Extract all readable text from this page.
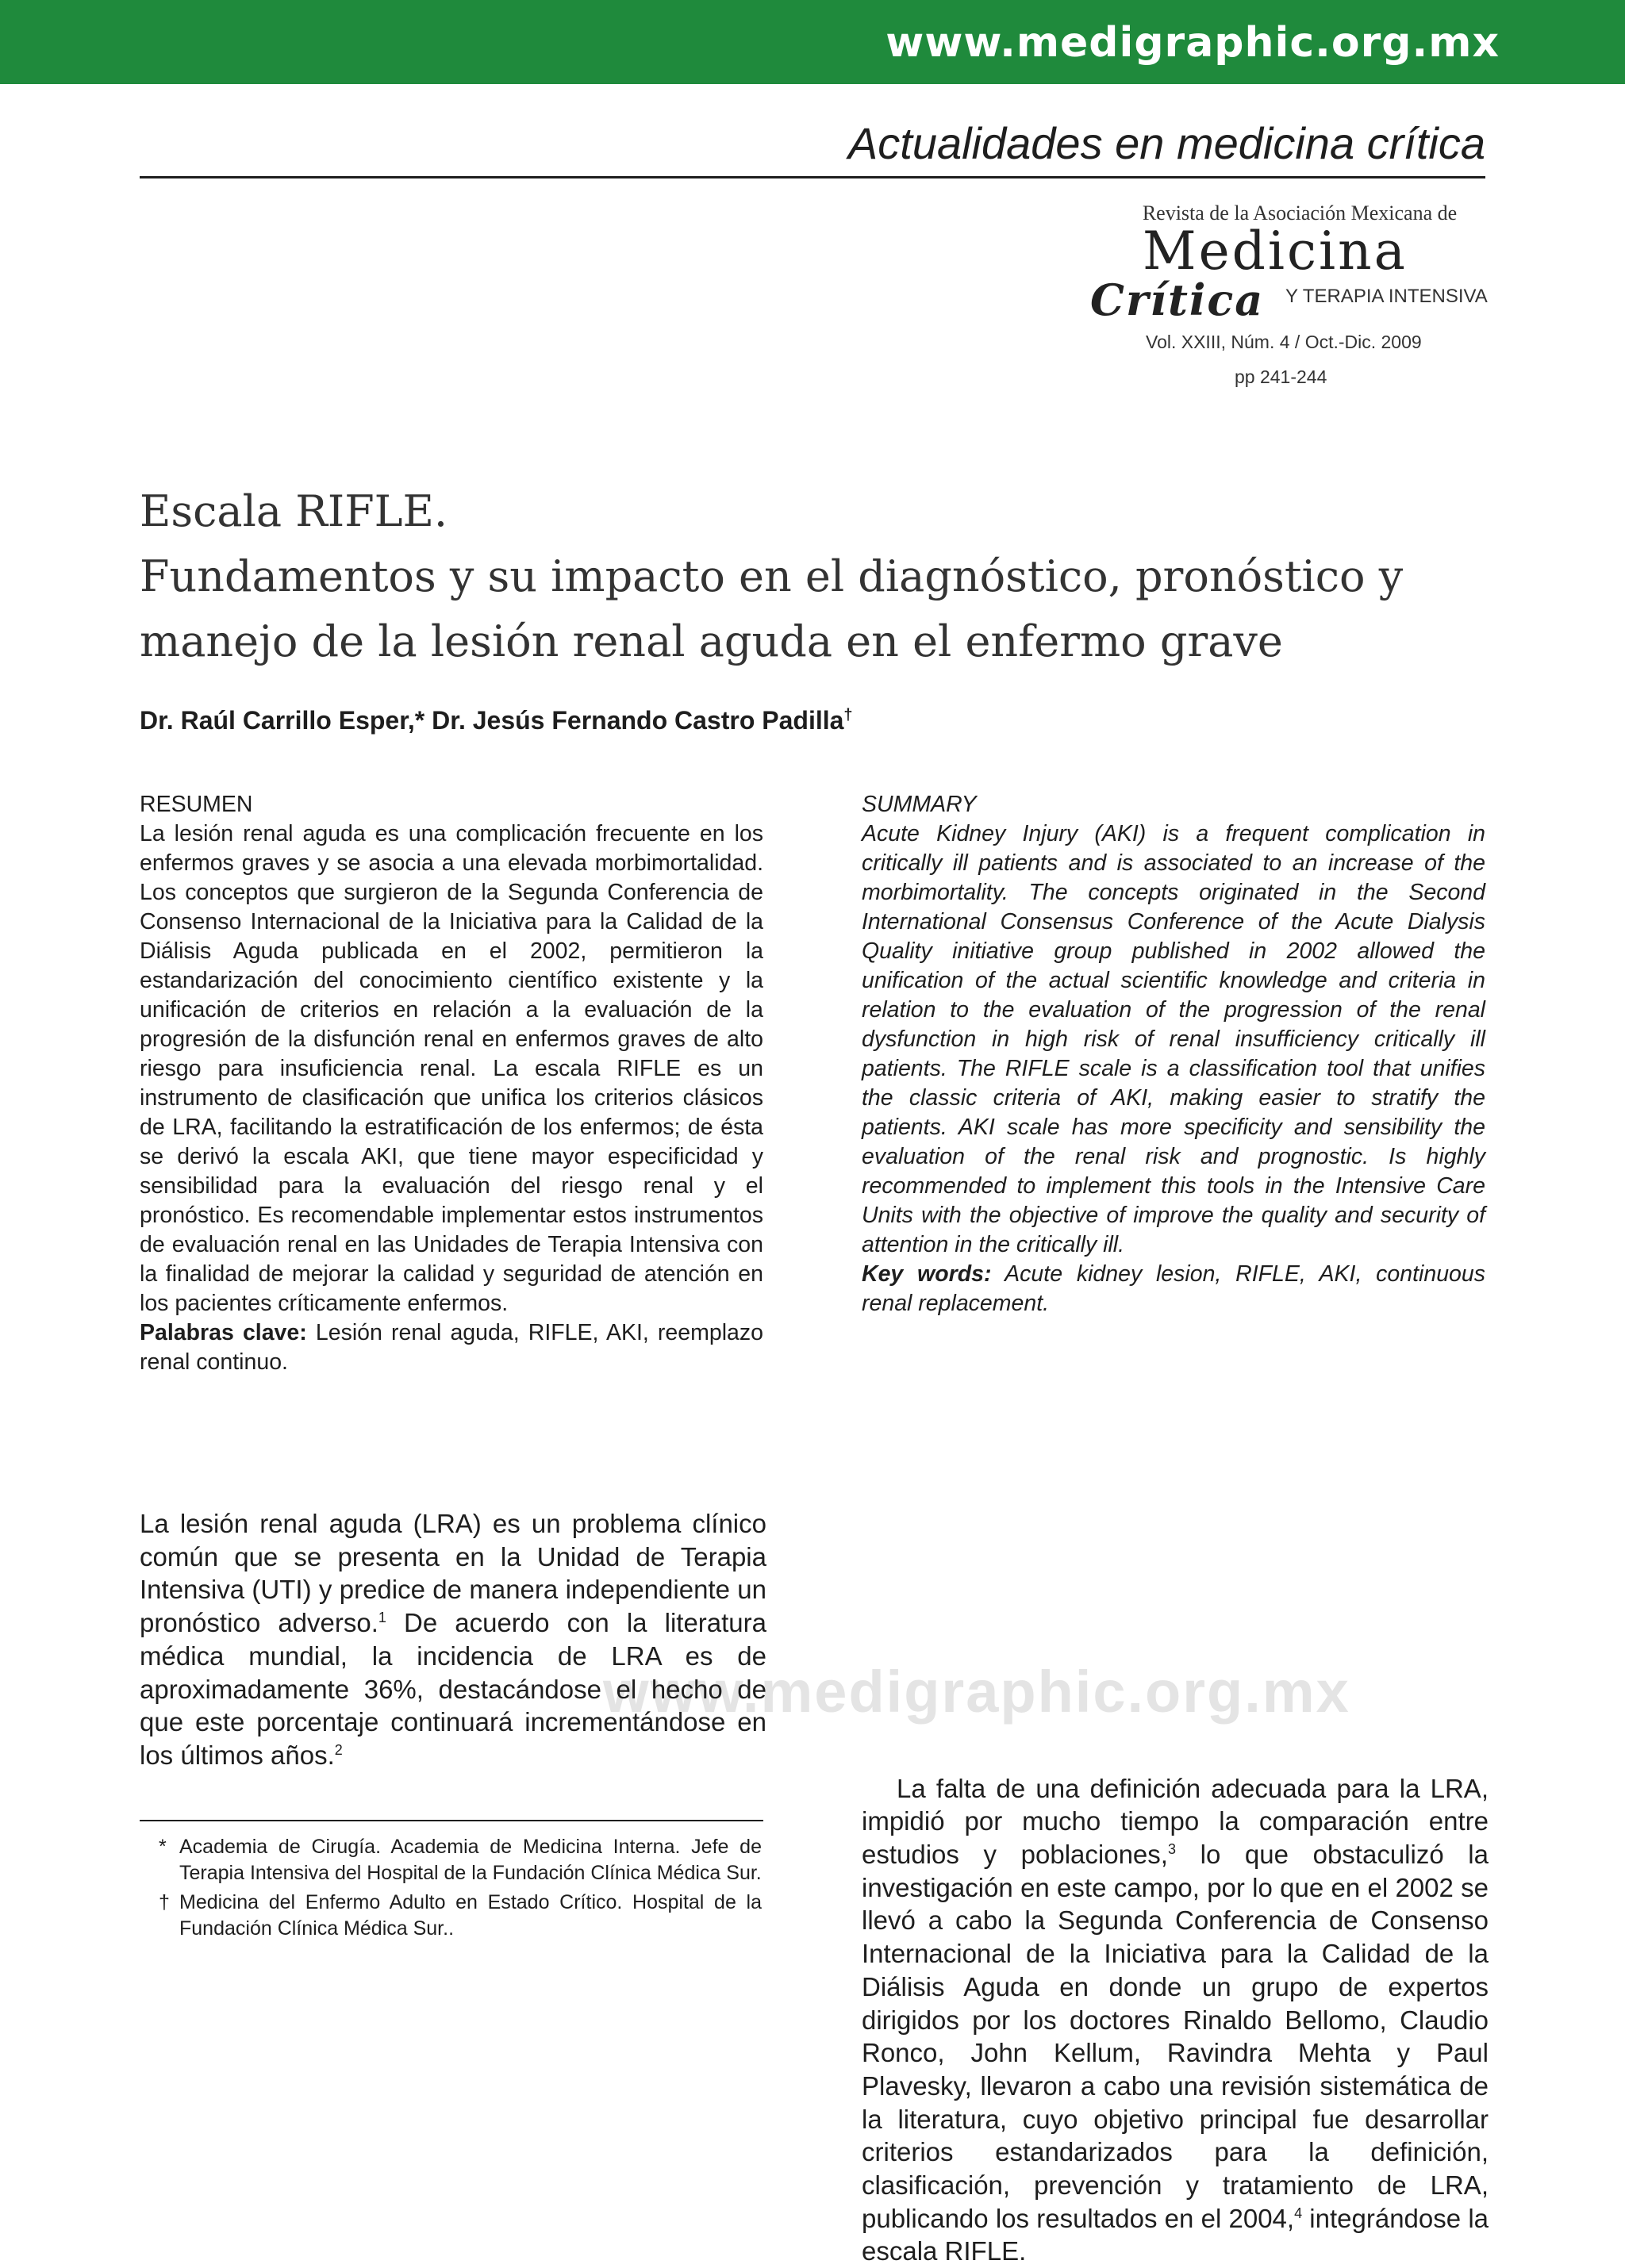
www.medigraphic.org.mx
Actualidades en medicina crítica
Revista de la Asociación Mexicana de
Medicina
Crítica Y TERAPIA INTENSIVA
Vol. XXIII, Núm. 4 / Oct.-Dic. 2009
pp 241-244
Escala RIFLE.
Fundamentos y su impacto en el diagnóstico, pronóstico y
manejo de la lesión renal aguda en el enfermo grave
Dr. Raúl Carrillo Esper,* Dr. Jesús Fernando Castro Padilla†
RESUMEN

La lesión renal aguda es una complicación frecuente en los enfermos graves y se asocia a una elevada morbimortalidad. Los conceptos que surgieron de la Segunda Conferencia de Consenso Internacional de la Iniciativa para la Calidad de la Diálisis Aguda publicada en el 2002, permitieron la estandarización del conocimiento científico existente y la unificación de criterios en relación a la evaluación de la progresión de la disfunción renal en enfermos graves de alto riesgo para insuficiencia renal. La escala RIFLE es un instrumento de clasificación que unifica los criterios clásicos de LRA, facilitando la estratificación de los enfermos; de ésta se derivó la escala AKI, que tiene mayor especificidad y sensibilidad para la evaluación del riesgo renal y el pronóstico. Es recomendable implementar estos instrumentos de evaluación renal en las Unidades de Terapia Intensiva con la finalidad de mejorar la calidad y seguridad de atención en los pacientes críticamente enfermos.

Palabras clave: Lesión renal aguda, RIFLE, AKI, reemplazo renal continuo.

SUMMARY

Acute Kidney Injury (AKI) is a frequent complication in critically ill patients and is associated to an increase of the morbimortality. The concepts originated in the Second International Consensus Conference of the Acute Dialysis Quality initiative group published in 2002 allowed the unification of the actual scientific knowledge and criteria in relation to the evaluation of the progression of the renal dysfunction in high risk of renal insufficiency critically ill patients. The RIFLE scale is a classification tool that unifies the classic criteria of AKI, making easier to stratify the patients. AKI scale has more specificity and sensibility the evaluation of the renal risk and prognostic. Is highly recommended to implement this tools in the Intensive Care Units with the objective of improve the quality and security of attention in the critically ill.

Key words: Acute kidney lesion, RIFLE, AKI, continuous renal replacement.

www.medigraphic.org.mx

La lesión renal aguda (LRA) es un problema clínico común que se presenta en la Unidad de Terapia Intensiva (UTI) y predice de manera independiente un pronóstico adverso.$^1$ De acuerdo con la literatura médica mundial, la incidencia de LRA es de aproximadamente 36%, destacándose el hecho de que este porcentaje continuará incrementándose en los últimos años.$^2$

La falta de una definición adecuada para la LRA, impidió por mucho tiempo la comparación entre estudios y poblaciones,$^3$ lo que obstaculizó la investigación en este campo, por lo que en el 2002 se llevó a cabo la Segunda Conferencia de Consenso Internacional de la Iniciativa para la Calidad de la Diálisis Aguda en donde un grupo de expertos dirigidos por los doctores Rinaldo Bellomo, Claudio Ronco, John Kellum, Ravindra Mehta y Paul Plavesky, llevaron a cabo una revisión sistemática de la literatura, cuyo objetivo principal fue desarrollar criterios estandarizados para la definición, clasificación, prevención y tratamiento de LRA, publicando los resultados en el 2004,$^4$ integrándose la escala RIFLE.

* Academia de Cirugía. Academia de Medicina Interna. Jefe de Terapia Intensiva del Hospital de la Fundación Clínica Médica Sur.
† Medicina del Enfermo Adulto en Estado Crítico. Hospital de la Fundación Clínica Médica Sur..
